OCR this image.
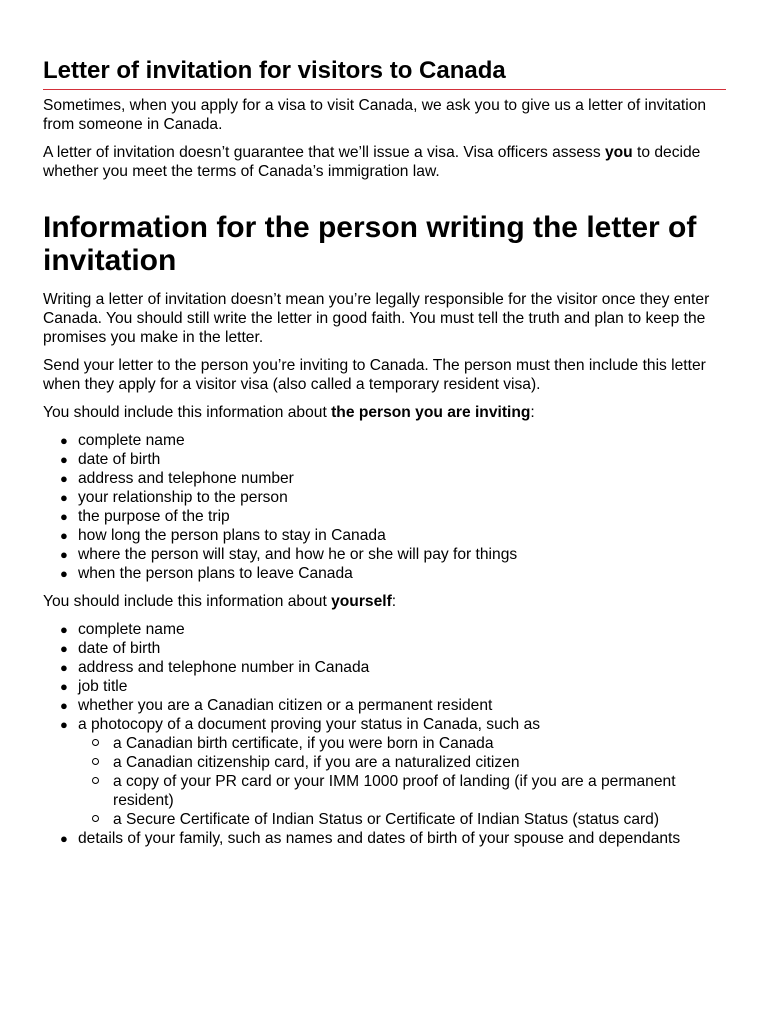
Letter of invitation for visitors to Canada

Sometimes, when you apply for a visa to visit Canada, we ask you to give us a letter of invitation from someone in Canada.

A letter of invitation doesn’t guarantee that we’ll issue a visa. Visa officers assess you to decide whether you meet the terms of Canada’s immigration law.

Information for the person writing the letter of invitation

Writing a letter of invitation doesn’t mean you’re legally responsible for the visitor once they enter Canada. You should still write the letter in good faith. You must tell the truth and plan to keep the promises you make in the letter.

Send your letter to the person you’re inviting to Canada. The person must then include this letter when they apply for a visitor visa (also called a temporary resident visa).

You should include this information about the person you are inviting:

● complete name
● date of birth
● address and telephone number
● your relationship to the person
● the purpose of the trip
● how long the person plans to stay in Canada
● where the person will stay, and how he or she will pay for things
● when the person plans to leave Canada

You should include this information about yourself:

● complete name
● date of birth
● address and telephone number in Canada
● job title
● whether you are a Canadian citizen or a permanent resident
● a photocopy of a document proving your status in Canada, such as
a Canadian birth certificate, if you were born in Canada
a Canadian citizenship card, if you are a naturalized citizen
a copy of your PR card or your IMM 1000 proof of landing (if you are a permanent resident)
a Secure Certificate of Indian Status or Certificate of Indian Status (status card)
● details of your family, such as names and dates of birth of your spouse and dependants
